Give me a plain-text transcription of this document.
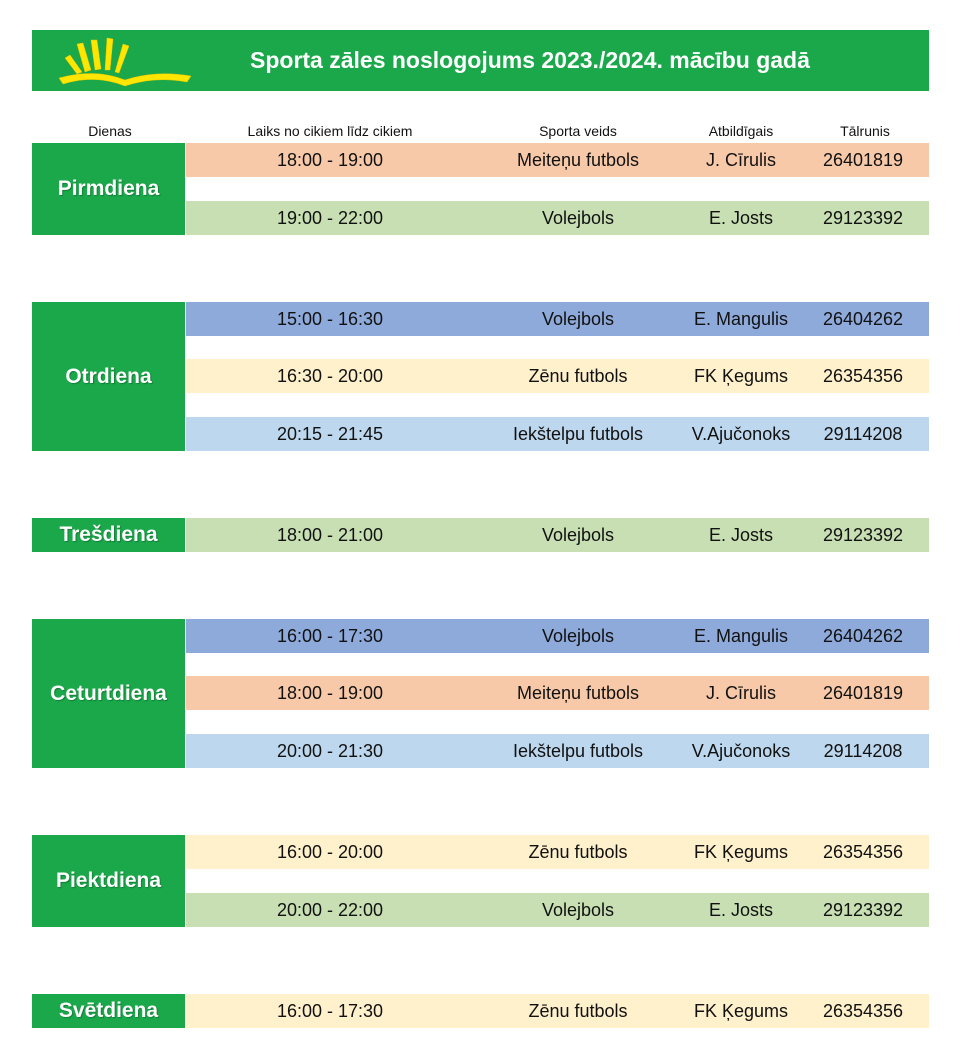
Sporta zāles noslogojums 2023./2024. mācību gadā
Dienas	Laiks no cikiem līdz cikiem	Sporta veids	Atbildīgais	Tālrunis
Pirmdiena
18:00 - 19:00	Meiteņu futbols	J. Cīrulis	26401819
19:00 - 22:00	Volejbols	E. Josts	29123392
Otrdiena
15:00 - 16:30	Volejbols	E. Mangulis	26404262
16:30 - 20:00	Zēnu futbols	FK Ķegums	26354356
20:15 - 21:45	Iekštelpu futbols	V.Ajučonoks	29114208
Trešdiena	18:00 - 21:00	Volejbols	E. Josts	29123392
Ceturtdiena
16:00 - 17:30	Volejbols	E. Mangulis	26404262
18:00 - 19:00	Meiteņu futbols	J. Cīrulis	26401819
20:00 - 21:30	Iekštelpu futbols	V.Ajučonoks	29114208
Piektdiena
16:00 - 20:00	Zēnu futbols	FK Ķegums	26354356
20:00 - 22:00	Volejbols	E. Josts	29123392
Svētdiena	16:00 - 17:30	Zēnu futbols	FK Ķegums	26354356
